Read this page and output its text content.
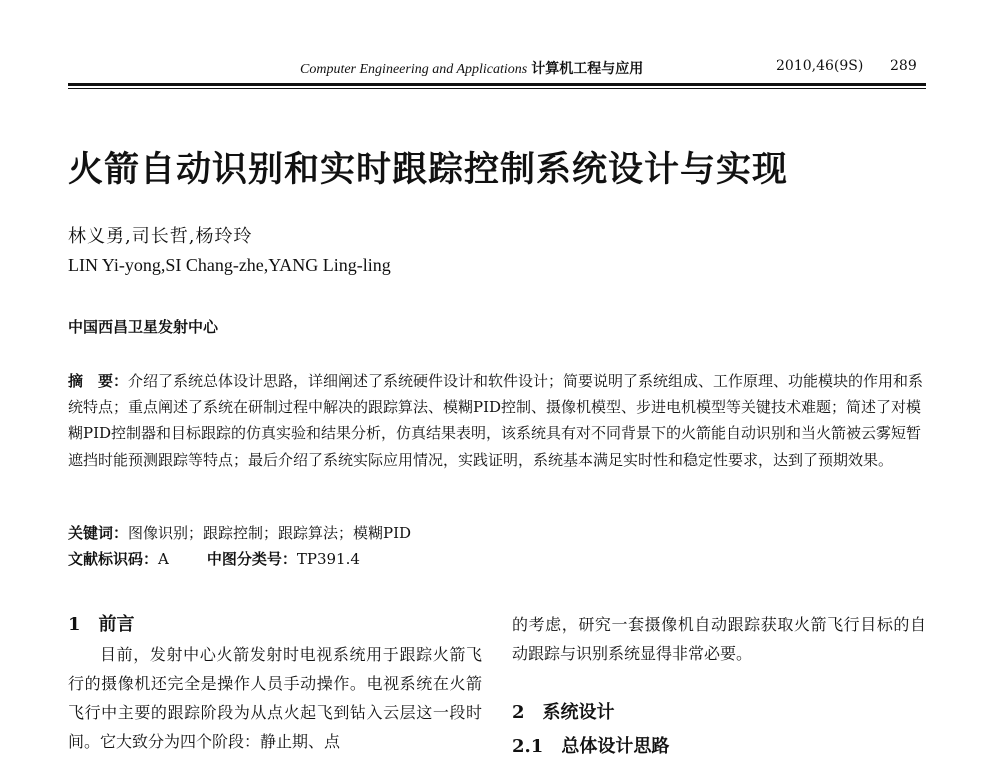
Computer Engineering and Applications 计算机工程与应用	2010,46(9S) 289
火箭自动识别和实时跟踪控制系统设计与实现
林义勇,司长哲,杨玲玲
LIN Yi-yong,SI Chang-zhe,YANG Ling-ling
中国西昌卫星发射中心

摘　要：介绍了系统总体设计思路，详细阐述了系统硬件设计和软件设计；简要说明了系统组成、工作原理、功能模块的作用和系统特点；重点阐述了系统在研制过程中解决的跟踪算法、模糊PID控制、摄像机模型、步进电机模型等关键技术难题；简述了对模糊PID控制器和目标跟踪的仿真实验和结果分析，仿真结果表明，该系统具有对不同背景下的火箭能自动识别和当火箭被云雾短暂遮挡时能预测跟踪等特点；最后介绍了系统实际应用情况，实践证明，系统基本满足实时性和稳定性要求，达到了预期效果。

关键词：图像识别；跟踪控制；跟踪算法；模糊PID
文献标识码：A	中图分类号：TP391.4
1　前言

目前，发射中心火箭发射时电视系统用于跟踪火箭飞行的摄像机还完全是操作人员手动操作。电视系统在火箭飞行中主要的跟踪阶段为从点火起飞到钻入云层这一段时间。它大致分为四个阶段：静止期、点

的考虑，研究一套摄像机自动跟踪获取火箭飞行目标的自动跟踪与识别系统显得非常必要。

2　系统设计
2.1　总体设计思路
